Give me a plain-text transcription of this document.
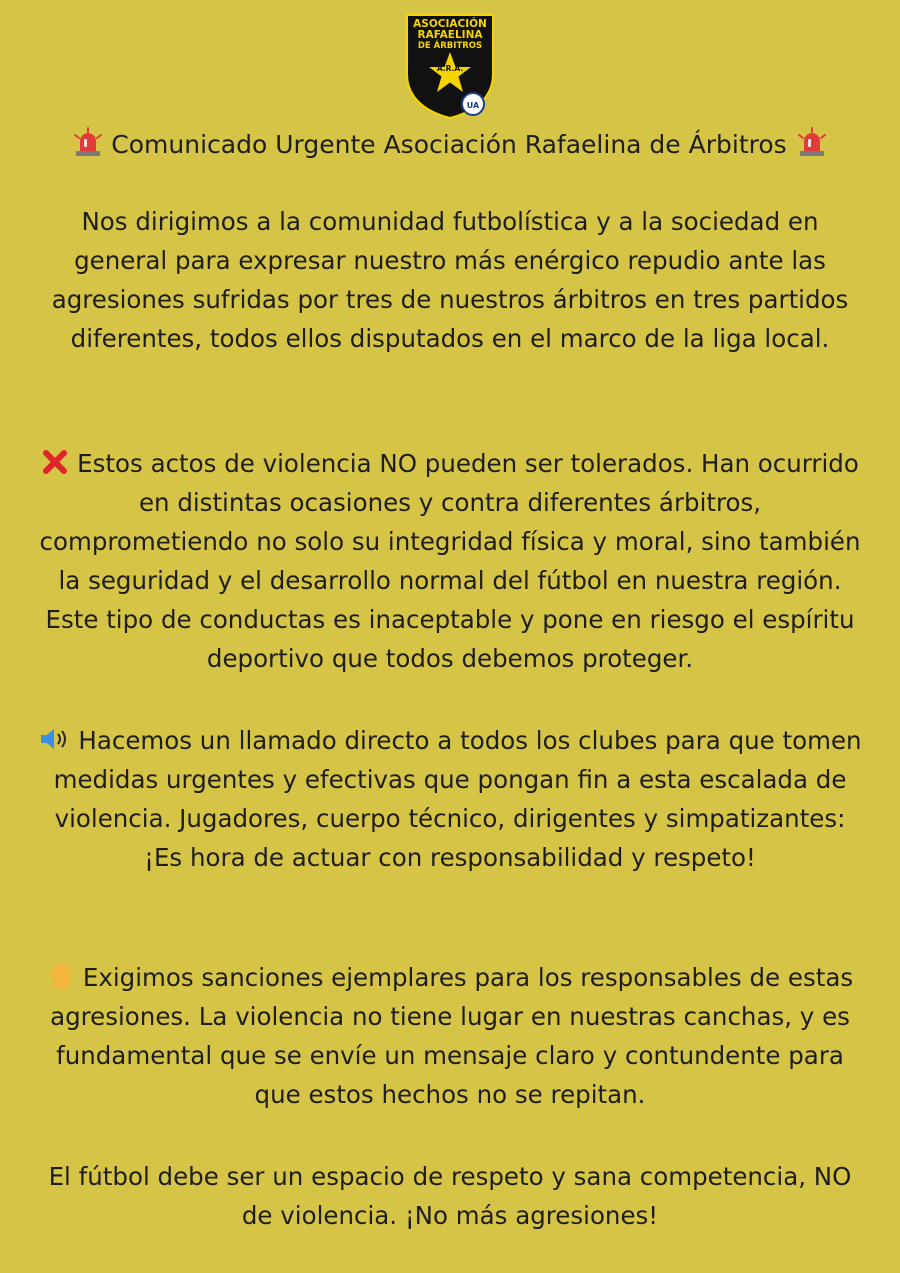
ASOCIACIÓN
RAFAELINA
DE ÁRBITROS
A.R.A.
UA
Comunicado Urgente Asociación Rafaelina de Árbitros

Nos dirigimos a la comunidad futbolística y a la sociedad en general para expresar nuestro más enérgico repudio ante las agresiones sufridas por tres de nuestros árbitros en tres partidos diferentes, todos ellos disputados en el marco de la liga local.

Estos actos de violencia NO pueden ser tolerados. Han ocurrido en distintas ocasiones y contra diferentes árbitros, comprometiendo no solo su integridad física y moral, sino también la seguridad y el desarrollo normal del fútbol en nuestra región. Este tipo de conductas es inaceptable y pone en riesgo el espíritu deportivo que todos debemos proteger.

Hacemos un llamado directo a todos los clubes para que tomen medidas urgentes y efectivas que pongan fin a esta escalada de violencia. Jugadores, cuerpo técnico, dirigentes y simpatizantes: ¡Es hora de actuar con responsabilidad y respeto!

Exigimos sanciones ejemplares para los responsables de estas agresiones. La violencia no tiene lugar en nuestras canchas, y es fundamental que se envíe un mensaje claro y contundente para que estos hechos no se repitan.

El fútbol debe ser un espacio de respeto y sana competencia, NO de violencia. ¡No más agresiones!
